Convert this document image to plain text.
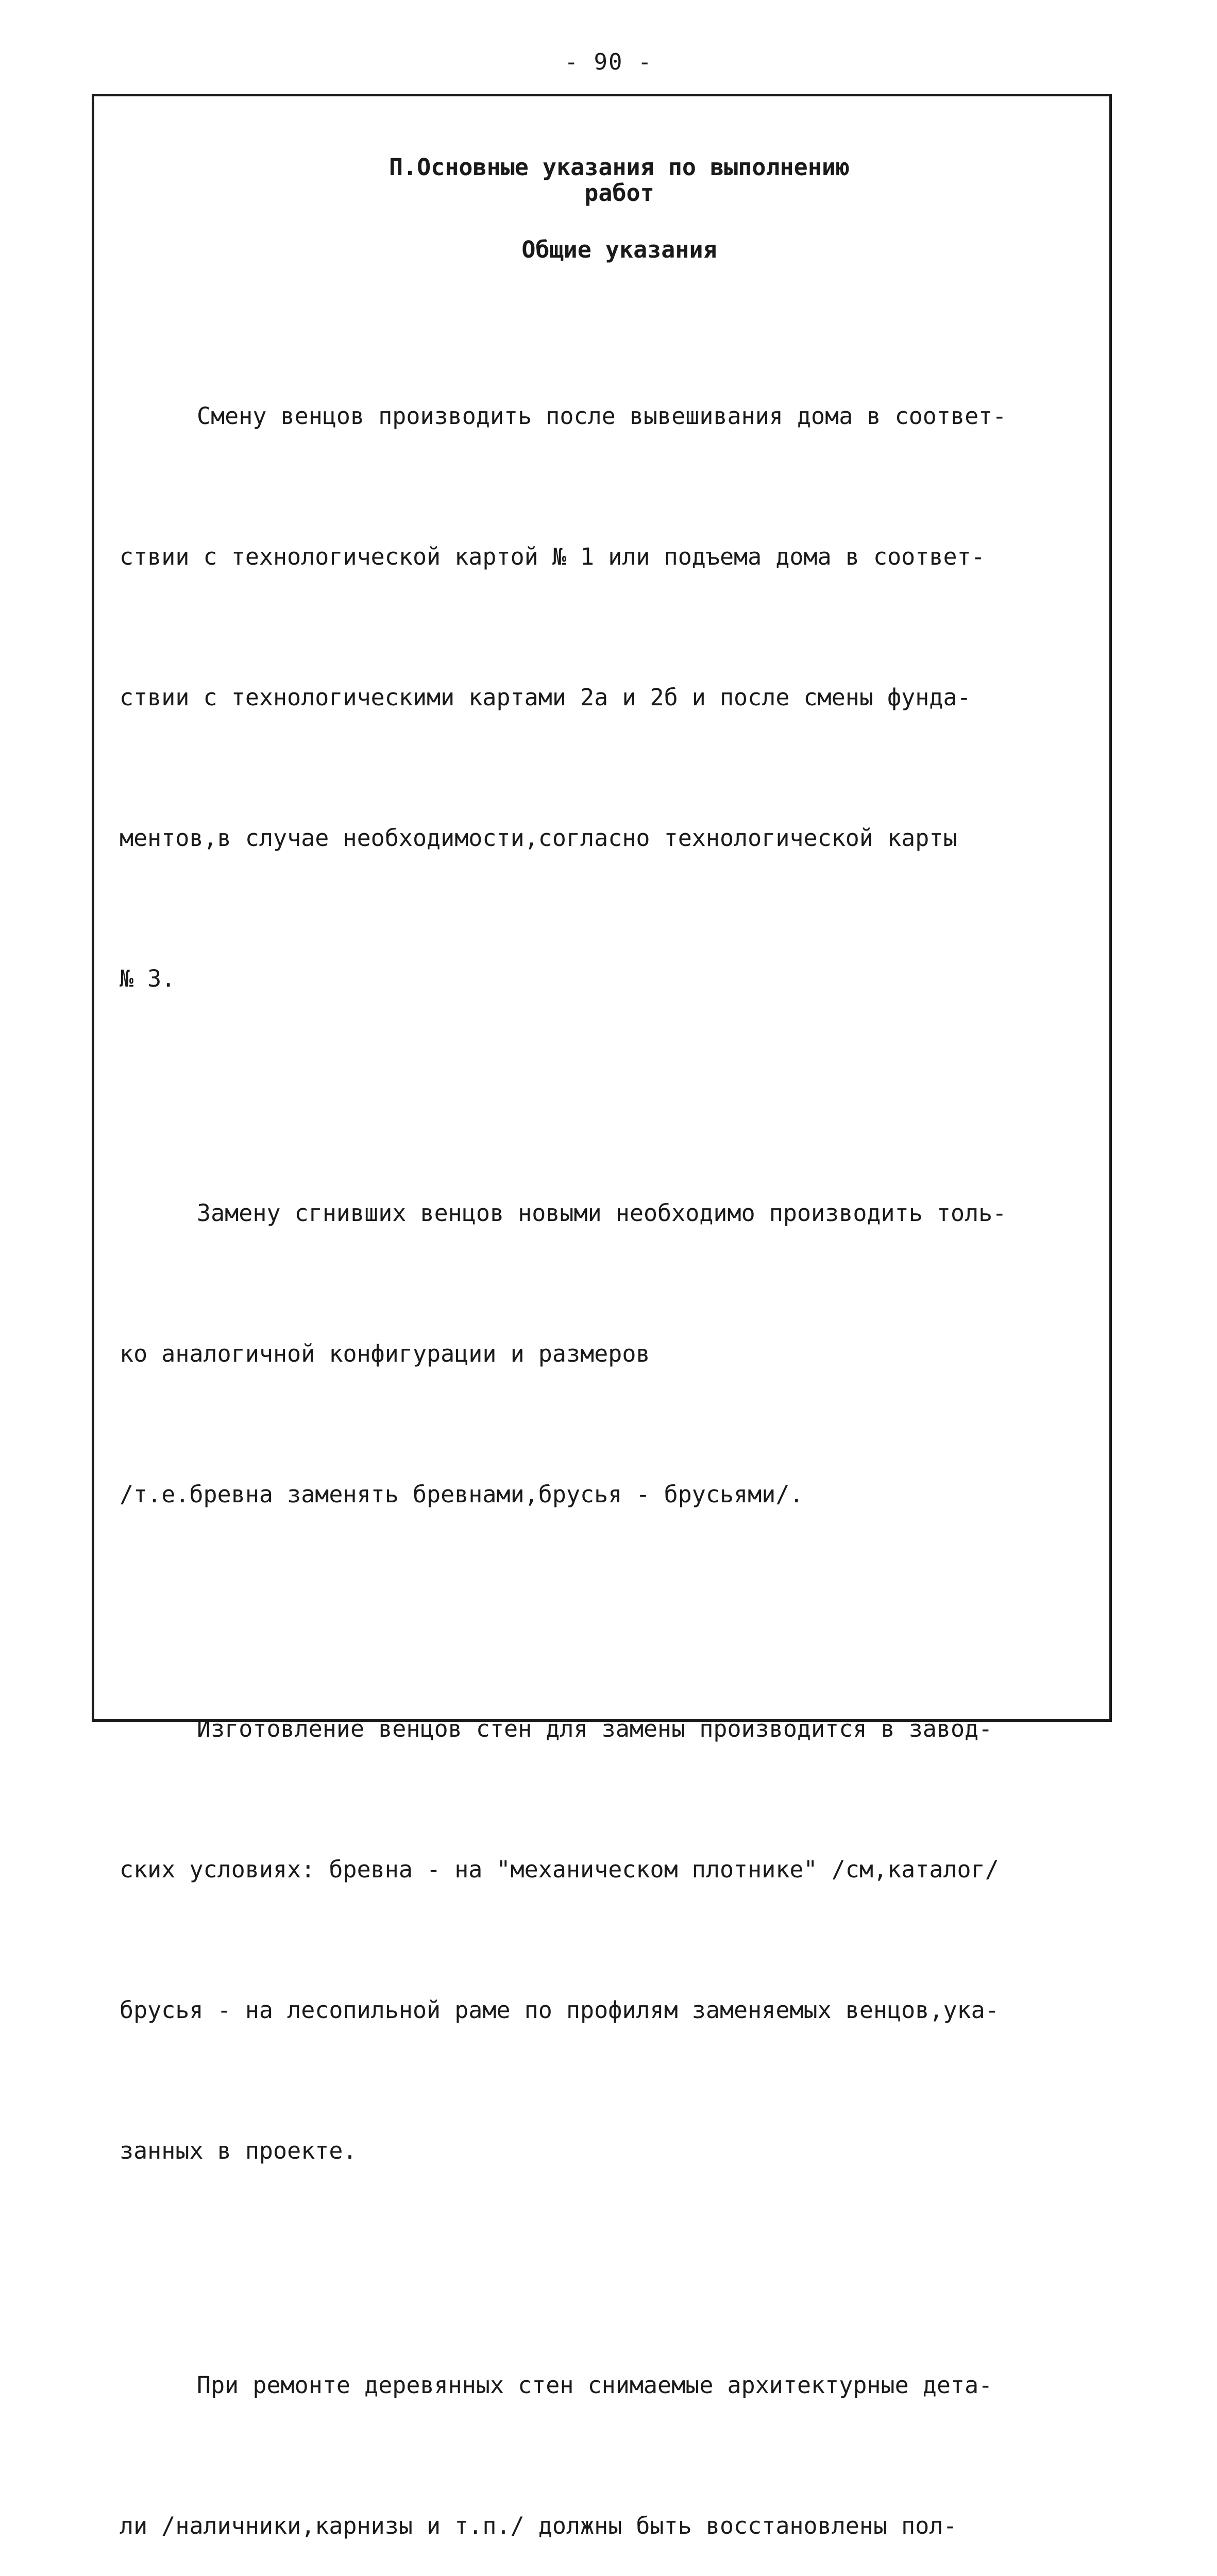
- 90 -
П.Основные указания по выполнению
работ
Общие указания

Смену венцов производить после вывешивания дома в соответ-

ствии с технологической картой № 1 или подъема дома в соответ-

ствии с технологическими картами 2а и 2б и после смены фунда-

ментов,в случае необходимости,согласно технологической карты

№ 3.

Замену сгнивших венцов новыми необходимо производить толь-

ко аналогичной конфигурации и размеров

/т.е.бревна заменять бревнами,брусья - брусьями/.

Изготовление венцов стен для замены производится в завод-

ских условиях: бревна - на "механическом плотнике" /см,каталог/

брусья - на лесопильной раме по профилям заменяемых венцов,ука-

занных в проекте.

При ремонте деревянных стен снимаемые архитектурные дета-

ли /наличники,карнизы и т.п./ должны быть восстановлены пол-
